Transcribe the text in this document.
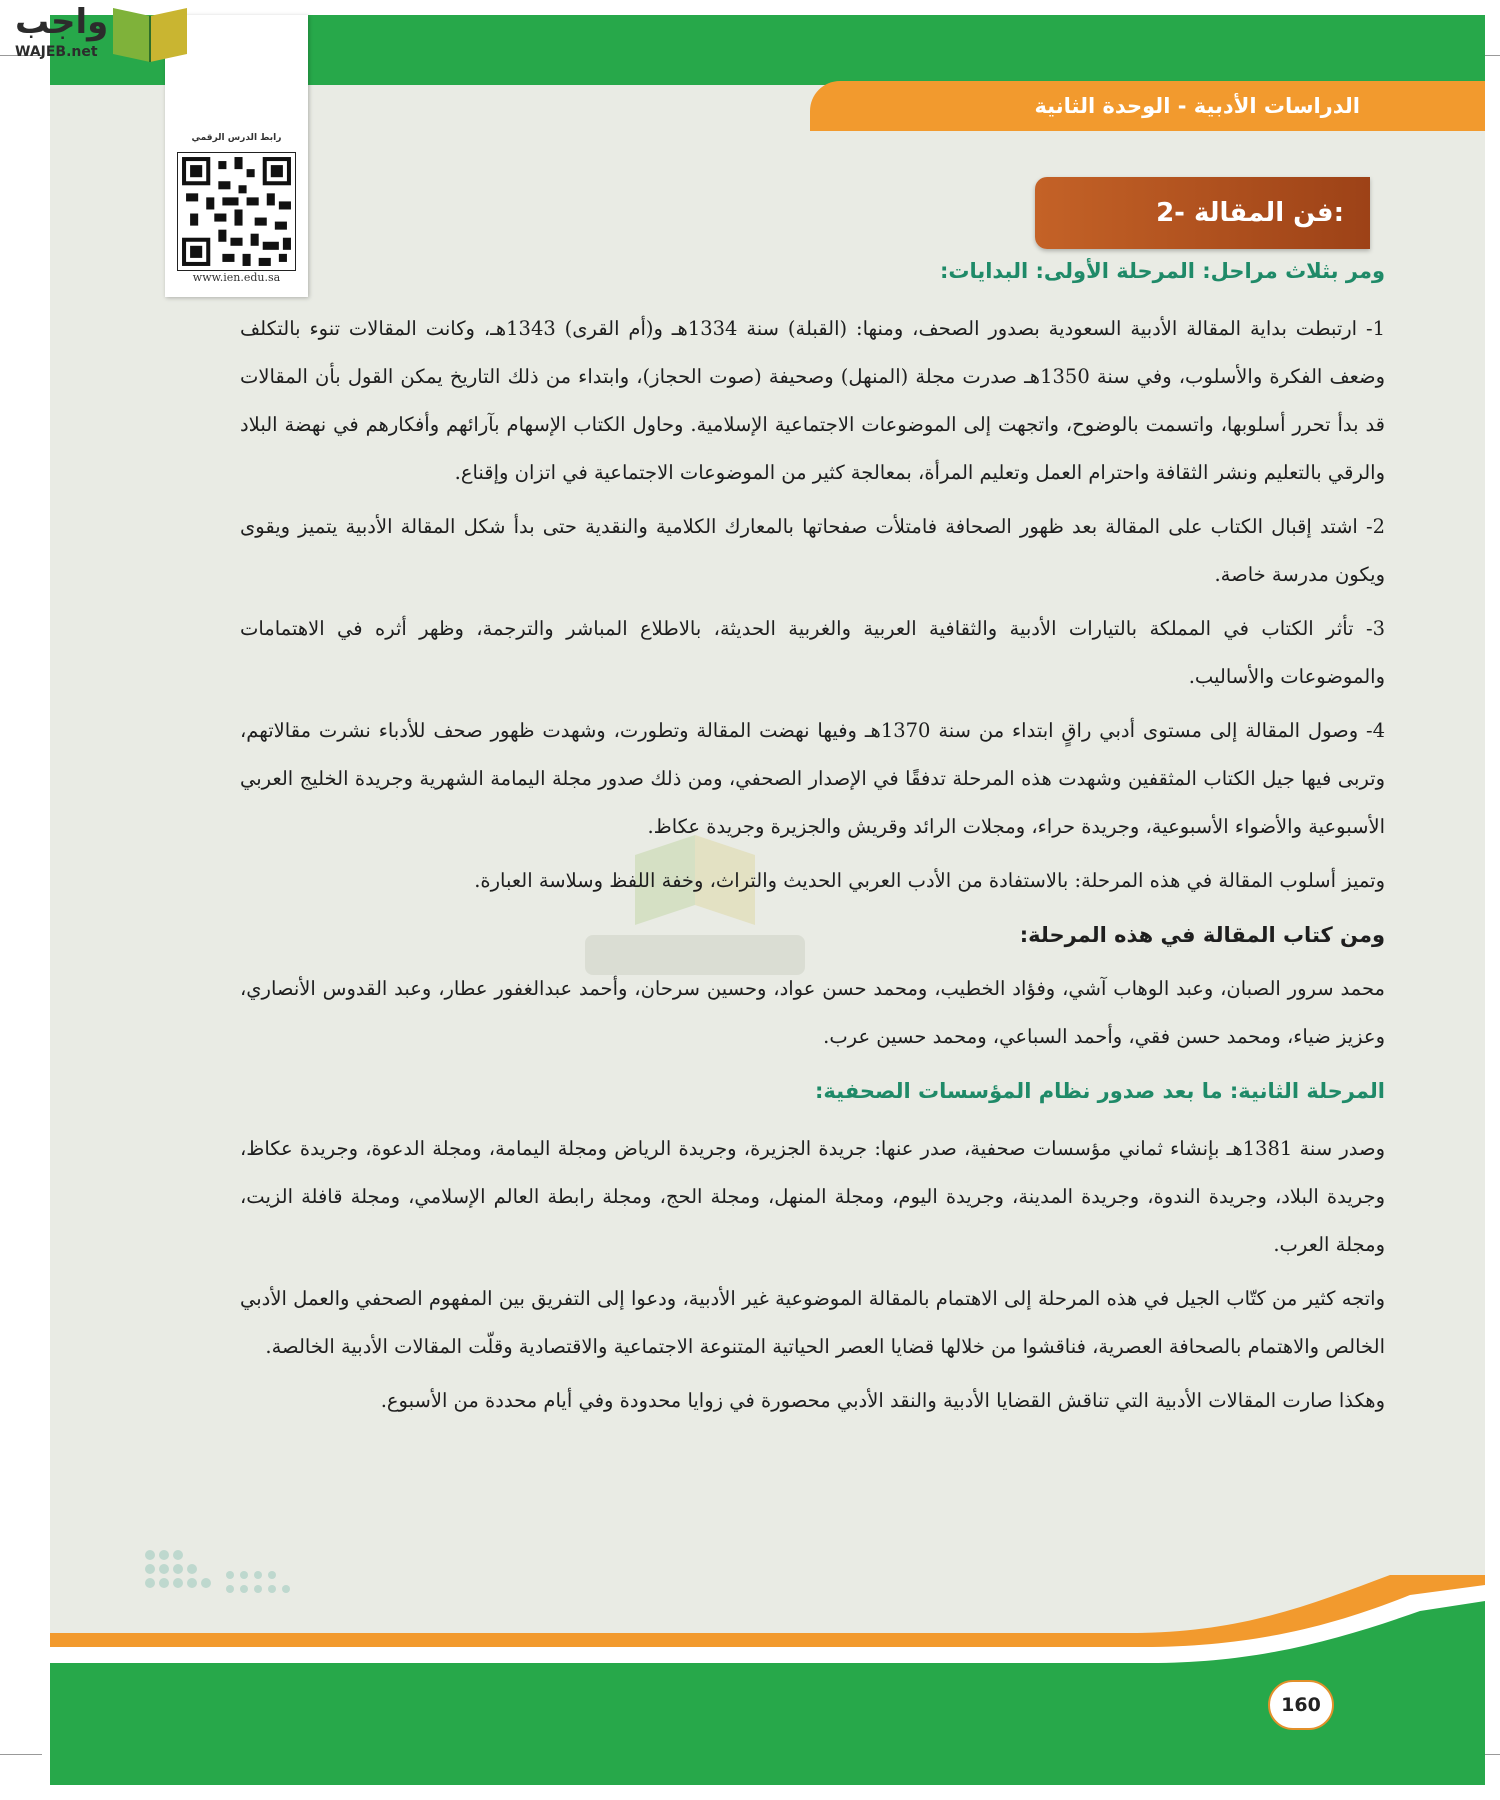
الدراسات الأدبية - الوحدة الثانية
2- فن المقالة:

ومر بثلاث مراحل: المرحلة الأولى: البدايات:

1- ارتبطت بداية المقالة الأدبية السعودية بصدور الصحف، ومنها: (القبلة) سنة 1334هـ و(أم القرى) 1343هـ، وكانت المقالات تنوء بالتكلف وضعف الفكرة والأسلوب، وفي سنة 1350هـ صدرت مجلة (المنهل) وصحيفة (صوت الحجاز)، وابتداء من ذلك التاريخ يمكن القول بأن المقالات قد بدأ تحرر أسلوبها، واتسمت بالوضوح، واتجهت إلى الموضوعات الاجتماعية الإسلامية. وحاول الكتاب الإسهام بآرائهم وأفكارهم في نهضة البلاد والرقي بالتعليم ونشر الثقافة واحترام العمل وتعليم المرأة، بمعالجة كثير من الموضوعات الاجتماعية في اتزان وإقناع.

2- اشتد إقبال الكتاب على المقالة بعد ظهور الصحافة فامتلأت صفحاتها بالمعارك الكلامية والنقدية حتى بدأ شكل المقالة الأدبية يتميز ويقوى ويكون مدرسة خاصة.

3- تأثر الكتاب في المملكة بالتيارات الأدبية والثقافية العربية والغربية الحديثة، بالاطلاع المباشر والترجمة، وظهر أثره في الاهتمامات والموضوعات والأساليب.

4- وصول المقالة إلى مستوى أدبي راقٍ ابتداء من سنة 1370هـ وفيها نهضت المقالة وتطورت، وشهدت ظهور صحف للأدباء نشرت مقالاتهم، وتربى فيها جيل الكتاب المثقفين وشهدت هذه المرحلة تدفقًا في الإصدار الصحفي، ومن ذلك صدور مجلة اليمامة الشهرية وجريدة الخليج العربي الأسبوعية والأضواء الأسبوعية، وجريدة حراء، ومجلات الرائد وقريش والجزيرة وجريدة عكاظ.

وتميز أسلوب المقالة في هذه المرحلة: بالاستفادة من الأدب العربي الحديث والتراث، وخفة اللفظ وسلاسة العبارة.

ومن كتاب المقالة في هذه المرحلة:

محمد سرور الصبان، وعبد الوهاب آشي، وفؤاد الخطيب، ومحمد حسن عواد، وحسين سرحان، وأحمد عبدالغفور عطار، وعبد القدوس الأنصاري، وعزيز ضياء، ومحمد حسن فقي، وأحمد السباعي، ومحمد حسين عرب.

المرحلة الثانية: ما بعد صدور نظام المؤسسات الصحفية:

وصدر سنة 1381هـ بإنشاء ثماني مؤسسات صحفية، صدر عنها: جريدة الجزيرة، وجريدة الرياض ومجلة اليمامة، ومجلة الدعوة، وجريدة عكاظ، وجريدة البلاد، وجريدة الندوة، وجريدة المدينة، وجريدة اليوم، ومجلة المنهل، ومجلة الحج، ومجلة رابطة العالم الإسلامي، ومجلة قافلة الزيت، ومجلة العرب.

واتجه كثير من كتّاب الجيل في هذه المرحلة إلى الاهتمام بالمقالة الموضوعية غير الأدبية، ودعوا إلى التفريق بين المفهوم الصحفي والعمل الأدبي الخالص والاهتمام بالصحافة العصرية، فناقشوا من خلالها قضايا العصر الحياتية المتنوعة الاجتماعية والاقتصادية وقلّت المقالات الأدبية الخالصة.

وهكذا صارت المقالات الأدبية التي تناقش القضايا الأدبية والنقد الأدبي محصورة في زوايا محدودة وفي أيام محددة من الأسبوع.

160
رابط الدرس الرقمي
www.ien.edu.sa
واجب
WAJEB.net
